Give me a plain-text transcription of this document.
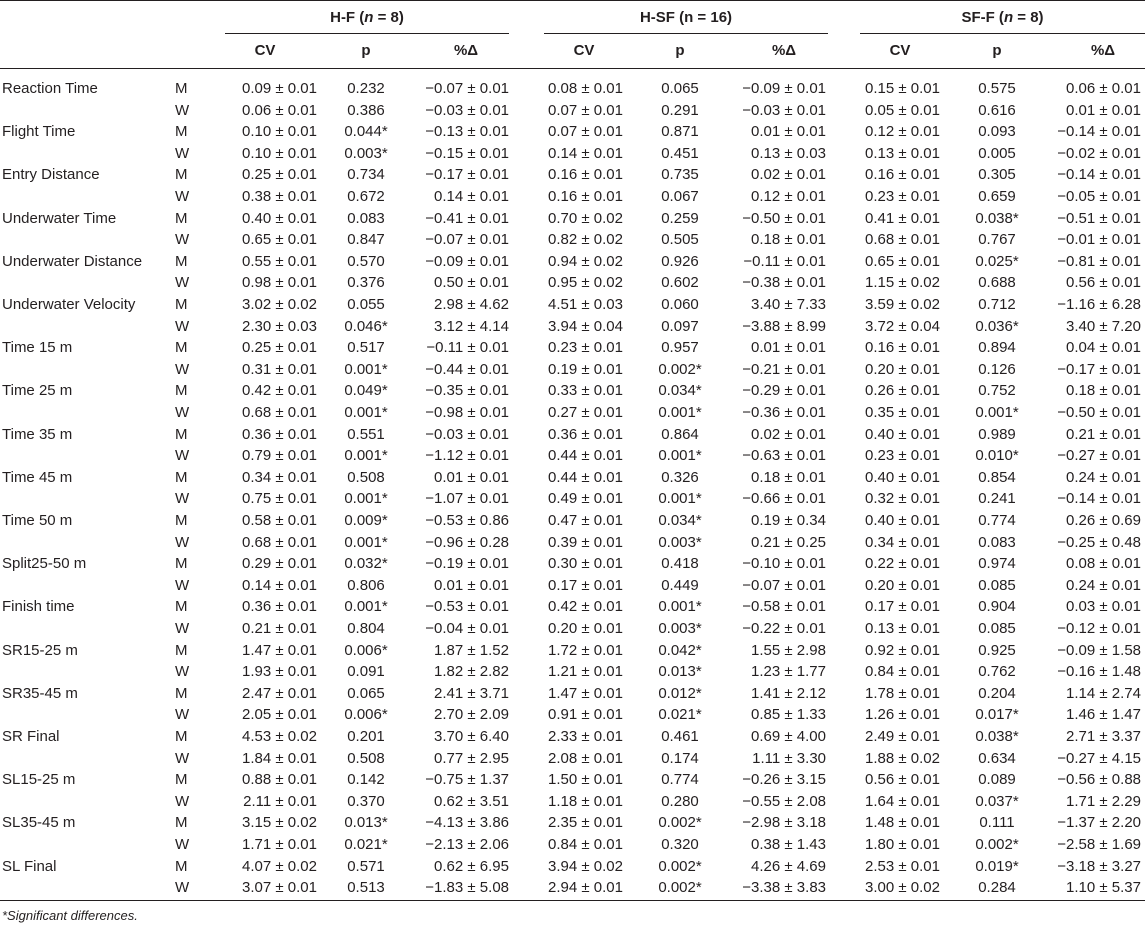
H-F (n = 8)	H-SF (n = 16)	SF-F (n = 8)
CV	p	%Δ	CV	p	%Δ	CV	p	%Δ
Reaction Time	M	0.09 ± 0.01	0.232	−0.07 ± 0.01	0.08 ± 0.01	0.065	−0.09 ± 0.01	0.15 ± 0.01	0.575	0.06 ± 0.01
W	0.06 ± 0.01	0.386	−0.03 ± 0.01	0.07 ± 0.01	0.291	−0.03 ± 0.01	0.05 ± 0.01	0.616	0.01 ± 0.01
Flight Time	M	0.10 ± 0.01	0.044*	−0.13 ± 0.01	0.07 ± 0.01	0.871	0.01 ± 0.01	0.12 ± 0.01	0.093	−0.14 ± 0.01
W	0.10 ± 0.01	0.003*	−0.15 ± 0.01	0.14 ± 0.01	0.451	0.13 ± 0.03	0.13 ± 0.01	0.005	−0.02 ± 0.01
Entry Distance	M	0.25 ± 0.01	0.734	−0.17 ± 0.01	0.16 ± 0.01	0.735	0.02 ± 0.01	0.16 ± 0.01	0.305	−0.14 ± 0.01
W	0.38 ± 0.01	0.672	0.14 ± 0.01	0.16 ± 0.01	0.067	0.12 ± 0.01	0.23 ± 0.01	0.659	−0.05 ± 0.01
Underwater Time	M	0.40 ± 0.01	0.083	−0.41 ± 0.01	0.70 ± 0.02	0.259	−0.50 ± 0.01	0.41 ± 0.01	0.038*	−0.51 ± 0.01
W	0.65 ± 0.01	0.847	−0.07 ± 0.01	0.82 ± 0.02	0.505	0.18 ± 0.01	0.68 ± 0.01	0.767	−0.01 ± 0.01
Underwater Distance M	0.55 ± 0.01	0.570	−0.09 ± 0.01	0.94 ± 0.02	0.926	−0.11 ± 0.01	0.65 ± 0.01	0.025*	−0.81 ± 0.01
W	0.98 ± 0.01	0.376	0.50 ± 0.01	0.95 ± 0.02	0.602	−0.38 ± 0.01	1.15 ± 0.02	0.688	0.56 ± 0.01
Underwater Velocity	M	3.02 ± 0.02	0.055	2.98 ± 4.62	4.51 ± 0.03	0.060	3.40 ± 7.33	3.59 ± 0.02	0.712	−1.16 ± 6.28
W	2.30 ± 0.03	0.046*	3.12 ± 4.14	3.94 ± 0.04	0.097	−3.88 ± 8.99	3.72 ± 0.04	0.036*	3.40 ± 7.20
Time 15 m	M	0.25 ± 0.01	0.517	−0.11 ± 0.01	0.23 ± 0.01	0.957	0.01 ± 0.01	0.16 ± 0.01	0.894	0.04 ± 0.01
W	0.31 ± 0.01	0.001*	−0.44 ± 0.01	0.19 ± 0.01	0.002*	−0.21 ± 0.01	0.20 ± 0.01	0.126	−0.17 ± 0.01
Time 25 m	M	0.42 ± 0.01	0.049*	−0.35 ± 0.01	0.33 ± 0.01	0.034*	−0.29 ± 0.01	0.26 ± 0.01	0.752	0.18 ± 0.01
W	0.68 ± 0.01	0.001*	−0.98 ± 0.01	0.27 ± 0.01	0.001*	−0.36 ± 0.01	0.35 ± 0.01	0.001*	−0.50 ± 0.01
Time 35 m	M	0.36 ± 0.01	0.551	−0.03 ± 0.01	0.36 ± 0.01	0.864	0.02 ± 0.01	0.40 ± 0.01	0.989	0.21 ± 0.01
W	0.79 ± 0.01	0.001*	−1.12 ± 0.01	0.44 ± 0.01	0.001*	−0.63 ± 0.01	0.23 ± 0.01	0.010*	−0.27 ± 0.01
Time 45 m	M	0.34 ± 0.01	0.508	0.01 ± 0.01	0.44 ± 0.01	0.326	0.18 ± 0.01	0.40 ± 0.01	0.854	0.24 ± 0.01
W	0.75 ± 0.01	0.001*	−1.07 ± 0.01	0.49 ± 0.01	0.001*	−0.66 ± 0.01	0.32 ± 0.01	0.241	−0.14 ± 0.01
Time 50 m	M	0.58 ± 0.01	0.009*	−0.53 ± 0.86	0.47 ± 0.01	0.034*	0.19 ± 0.34	0.40 ± 0.01	0.774	0.26 ± 0.69
W	0.68 ± 0.01	0.001*	−0.96 ± 0.28	0.39 ± 0.01	0.003*	0.21 ± 0.25	0.34 ± 0.01	0.083	−0.25 ± 0.48
Split25-50 m	M	0.29 ± 0.01	0.032*	−0.19 ± 0.01	0.30 ± 0.01	0.418	−0.10 ± 0.01	0.22 ± 0.01	0.974	0.08 ± 0.01
W	0.14 ± 0.01	0.806	0.01 ± 0.01	0.17 ± 0.01	0.449	−0.07 ± 0.01	0.20 ± 0.01	0.085	0.24 ± 0.01
Finish time	M	0.36 ± 0.01	0.001*	−0.53 ± 0.01	0.42 ± 0.01	0.001*	−0.58 ± 0.01	0.17 ± 0.01	0.904	0.03 ± 0.01
W	0.21 ± 0.01	0.804	−0.04 ± 0.01	0.20 ± 0.01	0.003*	−0.22 ± 0.01	0.13 ± 0.01	0.085	−0.12 ± 0.01
SR15-25 m	M	1.47 ± 0.01	0.006*	1.87 ± 1.52	1.72 ± 0.01	0.042*	1.55 ± 2.98	0.92 ± 0.01	0.925	−0.09 ± 1.58
W	1.93 ± 0.01	0.091	1.82 ± 2.82	1.21 ± 0.01	0.013*	1.23 ± 1.77	0.84 ± 0.01	0.762	−0.16 ± 1.48
SR35-45 m	M	2.47 ± 0.01	0.065	2.41 ± 3.71	1.47 ± 0.01	0.012*	1.41 ± 2.12	1.78 ± 0.01	0.204	1.14 ± 2.74
W	2.05 ± 0.01	0.006*	2.70 ± 2.09	0.91 ± 0.01	0.021*	0.85 ± 1.33	1.26 ± 0.01	0.017*	1.46 ± 1.47
SR Final	M	4.53 ± 0.02	0.201	3.70 ± 6.40	2.33 ± 0.01	0.461	0.69 ± 4.00	2.49 ± 0.01	0.038*	2.71 ± 3.37
W	1.84 ± 0.01	0.508	0.77 ± 2.95	2.08 ± 0.01	0.174	1.11 ± 3.30	1.88 ± 0.02	0.634	−0.27 ± 4.15
SL15-25 m	M	0.88 ± 0.01	0.142	−0.75 ± 1.37	1.50 ± 0.01	0.774	−0.26 ± 3.15	0.56 ± 0.01	0.089	−0.56 ± 0.88
W	2.11 ± 0.01	0.370	0.62 ± 3.51	1.18 ± 0.01	0.280	−0.55 ± 2.08	1.64 ± 0.01	0.037*	1.71 ± 2.29
SL35-45 m	M	3.15 ± 0.02	0.013*	−4.13 ± 3.86	2.35 ± 0.01	0.002*	−2.98 ± 3.18	1.48 ± 0.01	0.111	−1.37 ± 2.20
W	1.71 ± 0.01	0.021*	−2.13 ± 2.06	0.84 ± 0.01	0.320	0.38 ± 1.43	1.80 ± 0.01	0.002*	−2.58 ± 1.69
SL Final	M	4.07 ± 0.02	0.571	0.62 ± 6.95	3.94 ± 0.02	0.002*	4.26 ± 4.69	2.53 ± 0.01	0.019*	−3.18 ± 3.27
W	3.07 ± 0.01	0.513	−1.83 ± 5.08	2.94 ± 0.01	0.002*	−3.38 ± 3.83	3.00 ± 0.02	0.284	1.10 ± 5.37
*Significant differences.
